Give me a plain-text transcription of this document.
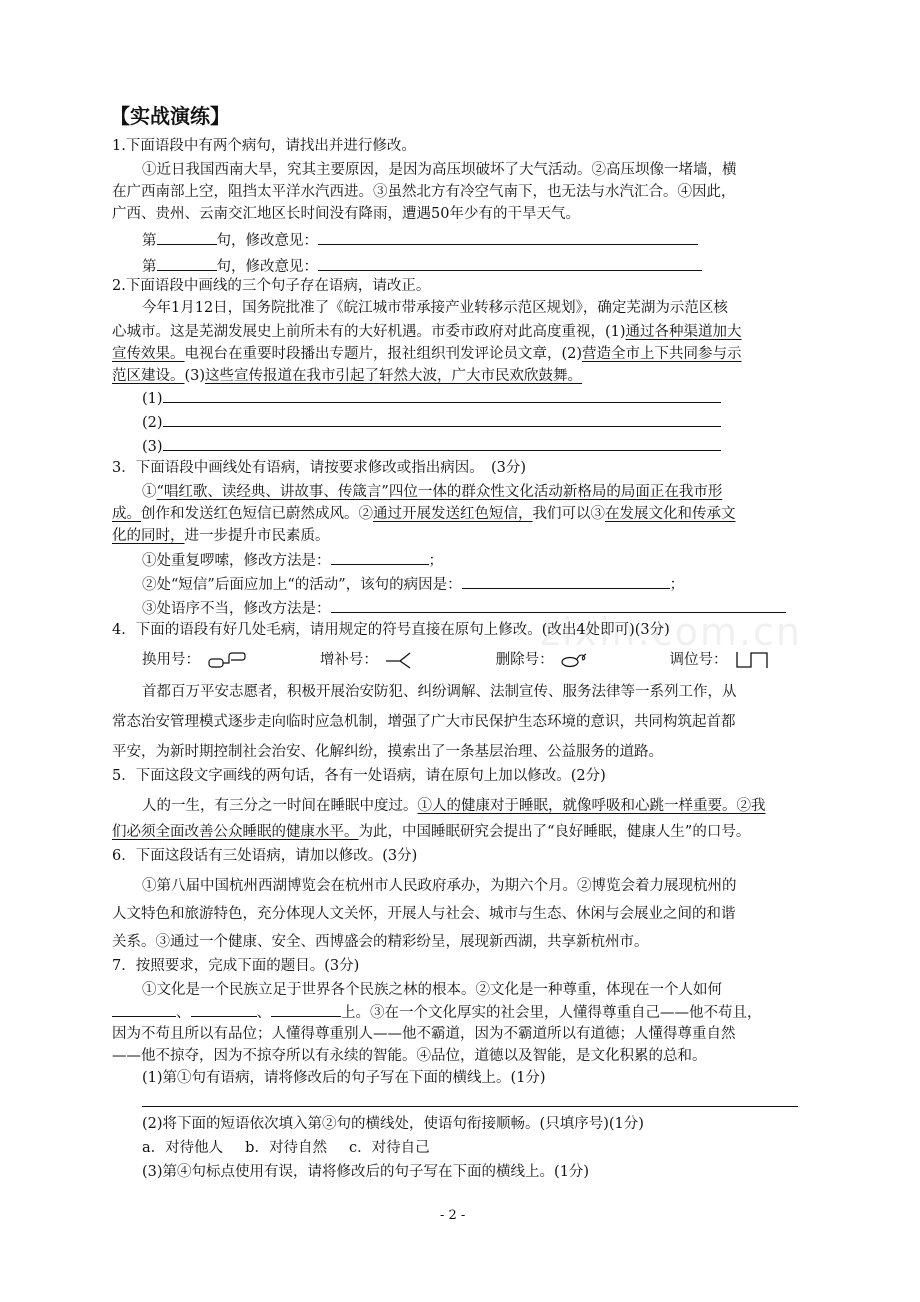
【实战演练】
1.下面语段中有两个病句，请找出并进行修改。
①近日我国西南大旱，究其主要原因，是因为高压坝破坏了大气活动。②高压坝像一堵墙，横
在广西南部上空，阻挡太平洋水汽西进。③虽然北方有冷空气南下，也无法与水汽汇合。④因此，
广西、贵州、云南交汇地区长时间没有降雨，遭遇50年少有的干旱天气。
第	句，修改意见：
第	句，修改意见：
2.下面语段中画线的三个句子存在语病，请改正。
今年1月12日，国务院批准了《皖江城市带承接产业转移示范区规划》，确定芜湖为示范区核
心城市。这是芜湖发展史上前所未有的大好机遇。市委市政府对此高度重视，(1)通过各种渠道加大
宣传效果。电视台在重要时段播出专题片，报社组织刊发评论员文章，(2)营造全市上下共同参与示
范区建设。(3)这些宣传报道在我市引起了轩然大波，广大市民欢欣鼓舞。
(1)
(2)
(3)
3．下面语段中画线处有语病，请按要求修改或指出病因。　(3分)
①“唱红歌、读经典、讲故事、传箴言”四位一体的群众性文化活动新格局的局面正在我市形
成。创作和发送红色短信已蔚然成风。②通过开展发送红色短信，我们可以③在发展文化和传承文
化的同时，进一步提升市民素质。
①处重复啰嗦，修改方法是：	；
②处“短信”后面应加上“的活动”，该句的病因是：	；
③处语序不当，修改方法是：
4．下面的语段有好几处毛病，请用规定的符号直接在原句上修改。(改出4处即可)(3分)
换用号：	增补号：	删除号：	调位号：
首都百万平安志愿者，积极开展治安防犯、纠纷调解、法制宣传、服务法律等一系列工作，从
常态治安管理模式逐步走向临时应急机制，增强了广大市民保护生态环境的意识，共同构筑起首都
平安，为新时期控制社会治安、化解纠纷，摸索出了一条基层治理、公益服务的道路。
5．下面这段文字画线的两句话，各有一处语病，请在原句上加以修改。(2分)
人的一生，有三分之一时间在睡眠中度过。①人的健康对于睡眠，就像呼吸和心跳一样重要。②我
们必须全面改善公众睡眠的健康水平。为此，中国睡眠研究会提出了“良好睡眠，健康人生”的口号。
6．下面这段话有三处语病，请加以修改。(3分)
①第八届中国杭州西湖博览会在杭州市人民政府承办，为期六个月。②博览会着力展现杭州的
人文特色和旅游特色，充分体现人文关怀，开展人与社会、城市与生态、休闲与会展业之间的和谐
关系。③通过一个健康、安全、西博盛会的精彩纷呈，展现新西湖，共享新杭州市。
7．按照要求，完成下面的题目。(3分)
①文化是一个民族立足于世界各个民族之林的根本。②文化是一种尊重，体现在一个人如何
、	、	上。③在一个文化厚实的社会里，人懂得尊重自己——他不苟且，
因为不苟且所以有品位；人懂得尊重别人——他不霸道，因为不霸道所以有道德；人懂得尊重自然
——他不掠夺，因为不掠夺所以有永续的智能。④品位，道德以及智能，是文化积累的总和。
(1)第①句有语病，请将修改后的句子写在下面的横线上。(1分)
(2)将下面的短语依次填入第②句的横线处，使语句衔接顺畅。(只填序号)(1分)
a．对待他人 b．对待自然 c．对待自己
(3)第④句标点使用有误，请将修改后的句子写在下面的横线上。(1分)
zixin.com.cn
- 2 -
